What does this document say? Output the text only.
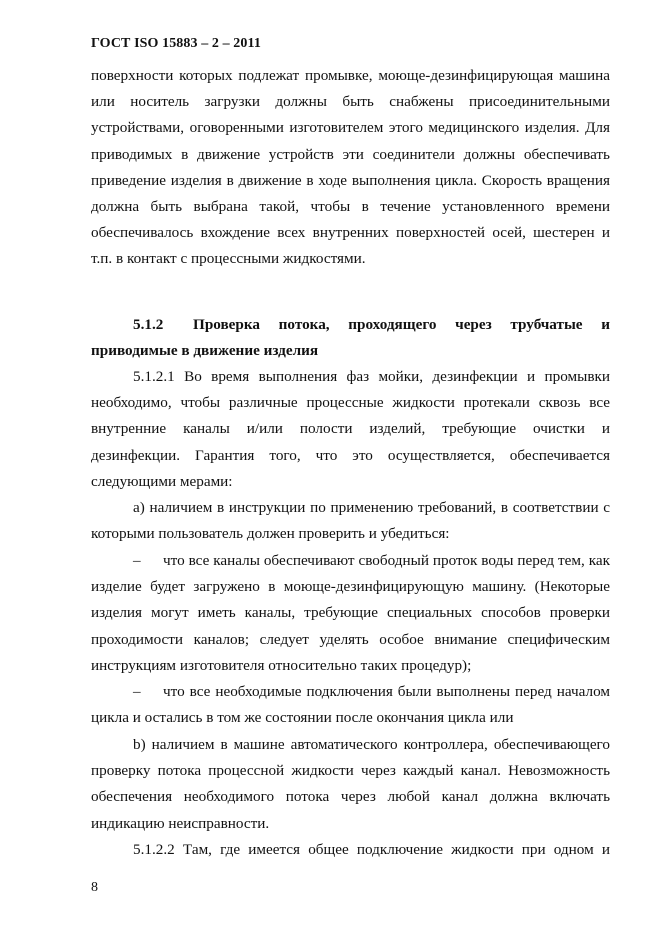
ГОСТ ISO 15883 – 2 – 2011
поверхности которых подлежат промывке, моюще-дезинфицирующая машина или носитель загрузки должны быть снабжены присоединительными устройствами, оговоренными изготовителем этого медицинского изделия. Для приводимых в движение устройств эти соединители должны обеспечивать приведение изделия в движение в ходе выполнения цикла. Скорость вращения должна быть выбрана такой, чтобы в течение установленного времени обеспечивалось вхождение всех внутренних поверхностей осей, шестерен и т.п. в контакт с процессными жидкостями.
5.1.2	Проверка потока, проходящего через трубчатые и
приводимые в движение изделия
5.1.2.1 Во время выполнения фаз мойки, дезинфекции и промывки необходимо, чтобы различные процессные жидкости протекали сквозь все внутренние каналы и/или полости изделий, требующие очистки и дезинфекции. Гарантия того, что это осуществляется, обеспечивается следующими мерами:
а) наличием в инструкции по применению требований, в соответствии с которыми пользователь должен проверить и убедиться:
– что все каналы обеспечивают свободный проток воды перед тем, как изделие будет загружено в моюще-дезинфицирующую машину. (Некоторые изделия могут иметь каналы, требующие специальных способов проверки проходимости каналов; следует уделять особое внимание специфическим инструкциям изготовителя относительно таких процедур);
– что все необходимые подключения были выполнены перед началом цикла и остались в том же состоянии после окончания цикла или
b) наличием в машине автоматического контроллера, обеспечивающего проверку потока процессной жидкости через каждый канал. Невозможность обеспечения необходимого потока через любой канал должна включать индикацию неисправности.
5.1.2.2 Там, где имеется общее подключение жидкости при одном и
8
